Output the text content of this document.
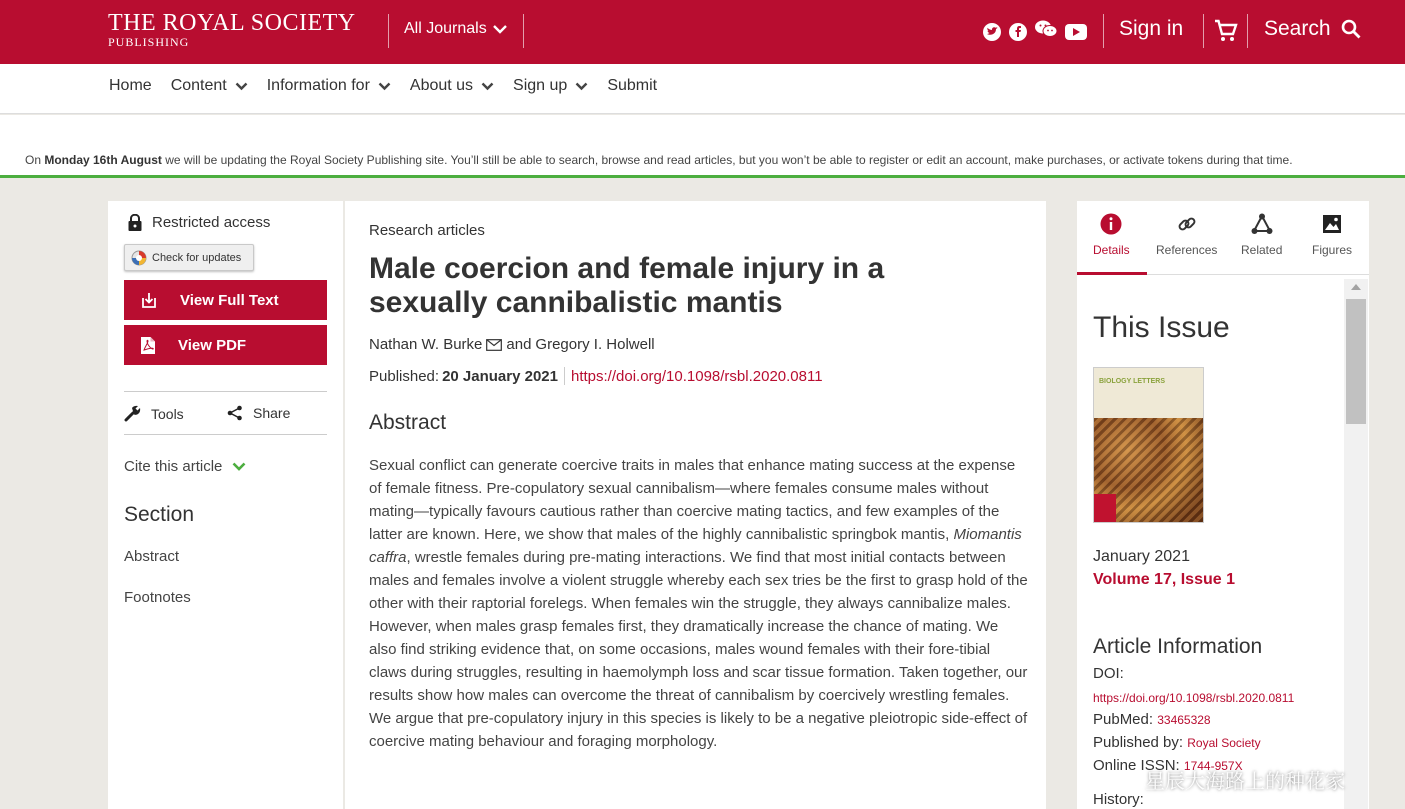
THE ROYAL SOCIETY
PUBLISHING
All Journals	Sign in	Search
Home Content	Information for	About us	Sign up	Submit
On Monday 16th August we will be updating the Royal Society Publishing site. You’ll still be able to search, browse and read articles, but you won’t be able to register or edit an account, make purchases, or activate tokens during that time.
Restricted access
Check for updates
View Full Text
View PDF
Tools	Share
Cite this article
Section
Abstract
Footnotes
Research articles
Male coercion and female injury in a sexually cannibalistic mantis
Nathan W. Burke and Gregory I. Holwell
Published: 20 January 2021 https://doi.org/10.1098/rsbl.2020.0811
Abstract
Sexual conflict can generate coercive traits in males that enhance mating success at the expense of female fitness. Pre-copulatory sexual cannibalism—where females consume males without mating—typically favours cautious rather than coercive mating tactics, and few examples of the latter are known. Here, we show that males of the highly cannibalistic springbok mantis, Miomantis caffra, wrestle females during pre-mating interactions. We find that most initial contacts between males and females involve a violent struggle whereby each sex tries be the first to grasp hold of the other with their raptorial forelegs. When females win the struggle, they always cannibalize males. However, when males grasp females first, they dramatically increase the chance of mating. We also find striking evidence that, on some occasions, males wound females with their fore-tibial claws during struggles, resulting in haemolymph loss and scar tissue formation. Taken together, our results show how males can overcome the threat of cannibalism by coercively wrestling females. We argue that pre-copulatory injury in this species is likely to be a negative pleiotropic side-effect of coercive mating behaviour and foraging morphology.
Details References Related Figures
This Issue
BIOLOGY LETTERS
January 2021
Volume 17, Issue 1
Article Information
DOI:
https://doi.org/10.1098/rsbl.2020.0811
PubMed: 33465328
Published by: Royal Society
Online ISSN: 1744-957X
History:
星辰大海路上的种花家
